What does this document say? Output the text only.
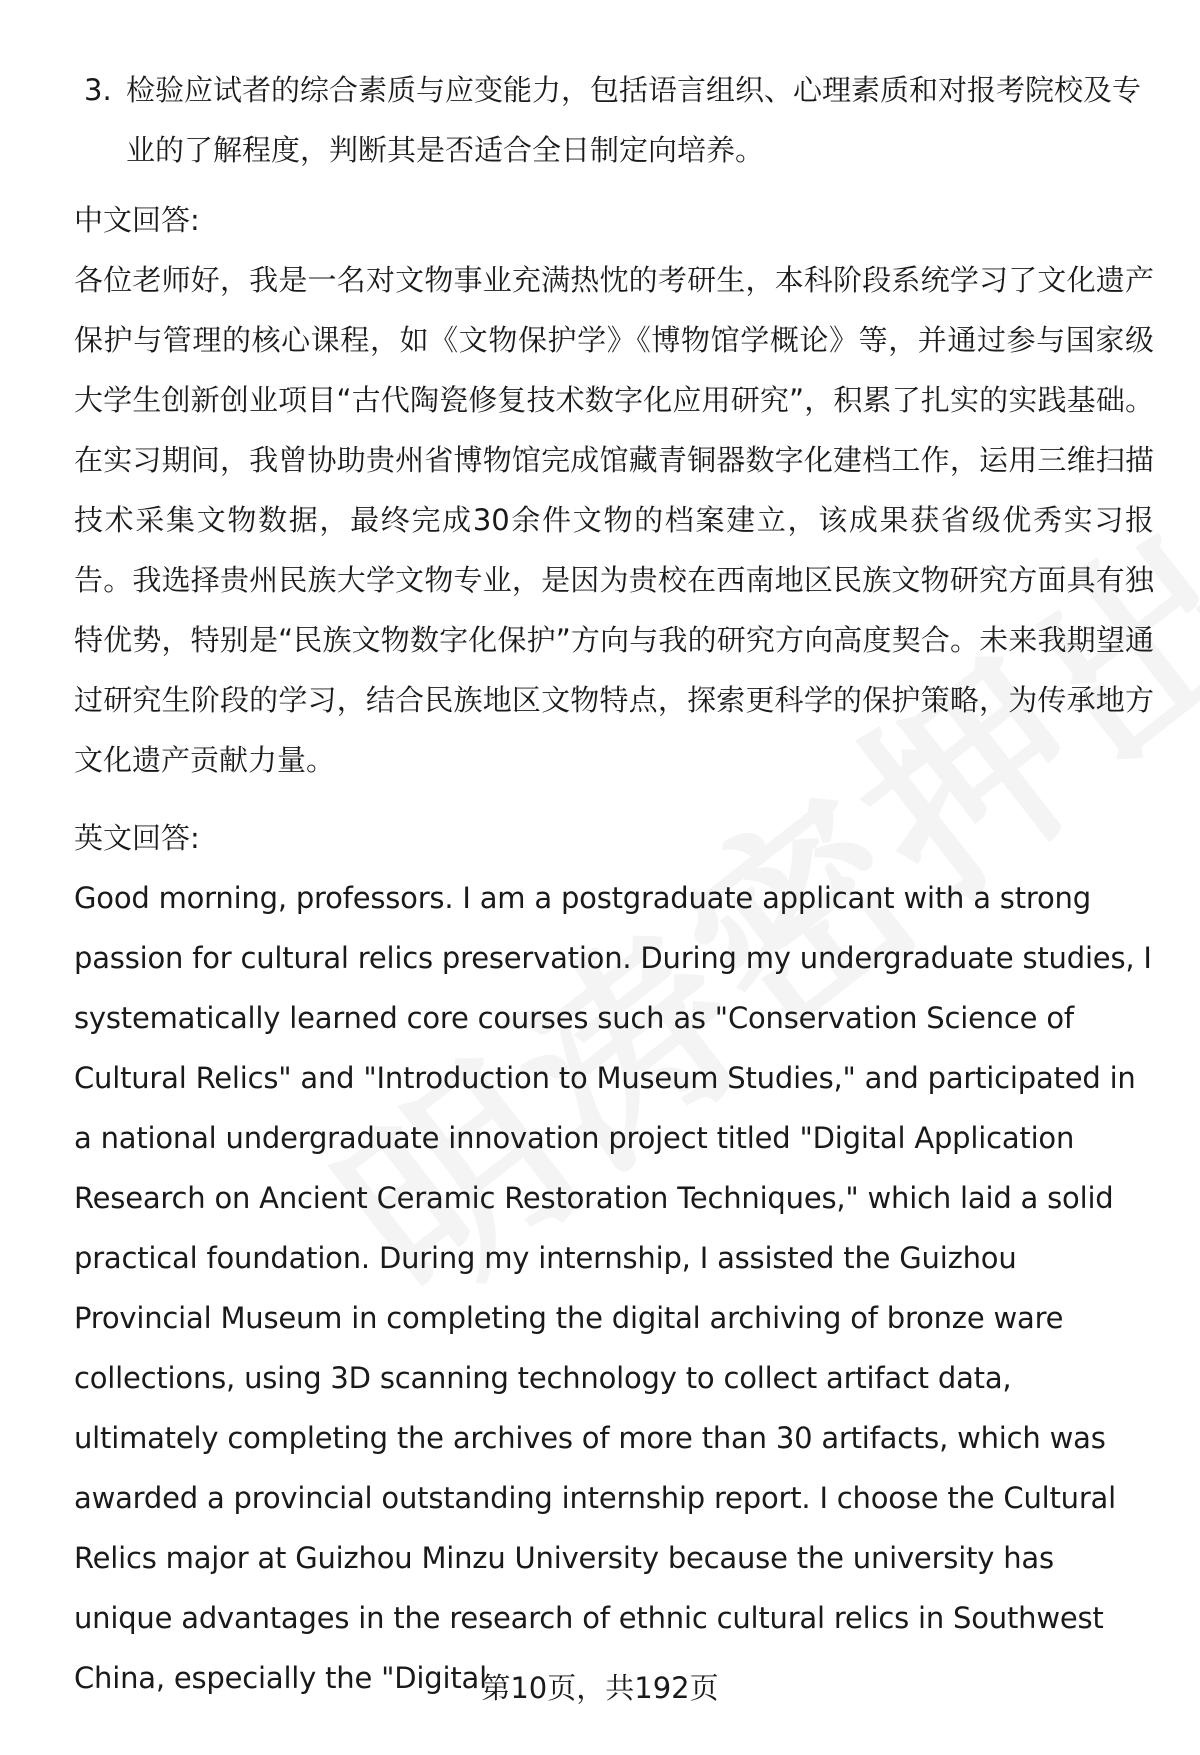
3. 检验应试者的综合素质与应变能力，包括语言组织、心理素质和对报考院校及专业的了解程度，判断其是否适合全日制定向培养。
中文回答:

各位老师好，我是一名对文物事业充满热忱的考研生，本科阶段系统学习了文化遗产保护与管理的核心课程，如《文物保护学》《博物馆学概论》等，并通过参与国家级大学生创新创业项目“古代陶瓷修复技术数字化应用研究”，积累了扎实的实践基础。在实习期间，我曾协助贵州省博物馆完成馆藏青铜器数字化建档工作，运用三维扫描技术采集文物数据，最终完成30余件文物的档案建立，该成果获省级优秀实习报告。我选择贵州民族大学文物专业，是因为贵校在西南地区民族文物研究方面具有独特优势，特别是“民族文物数字化保护”方向与我的研究方向高度契合。未来我期望通过研究生阶段的学习，结合民族地区文物特点，探索更科学的保护策略，为传承地方文化遗产贡献力量。

英文回答:

Good morning, professors. I am a postgraduate applicant with a strong passion for cultural relics preservation. During my undergraduate studies, I systematically learned core courses such as "Conservation Science of Cultural Relics" and "Introduction to Museum Studies," and participated in a national undergraduate innovation project titled "Digital Application Research on Ancient Ceramic Restoration Techniques," which laid a solid practical foundation. During my internship, I assisted the Guizhou Provincial Museum in completing the digital archiving of bronze ware collections, using 3D scanning technology to collect artifact data, ultimately completing the archives of more than 30 artifacts, which was awarded a provincial outstanding internship report. I choose the Cultural Relics major at Guizhou Minzu University because the university has unique advantages in the research of ethnic cultural relics in Southwest China, especially the "Digital

第10页，共192页
